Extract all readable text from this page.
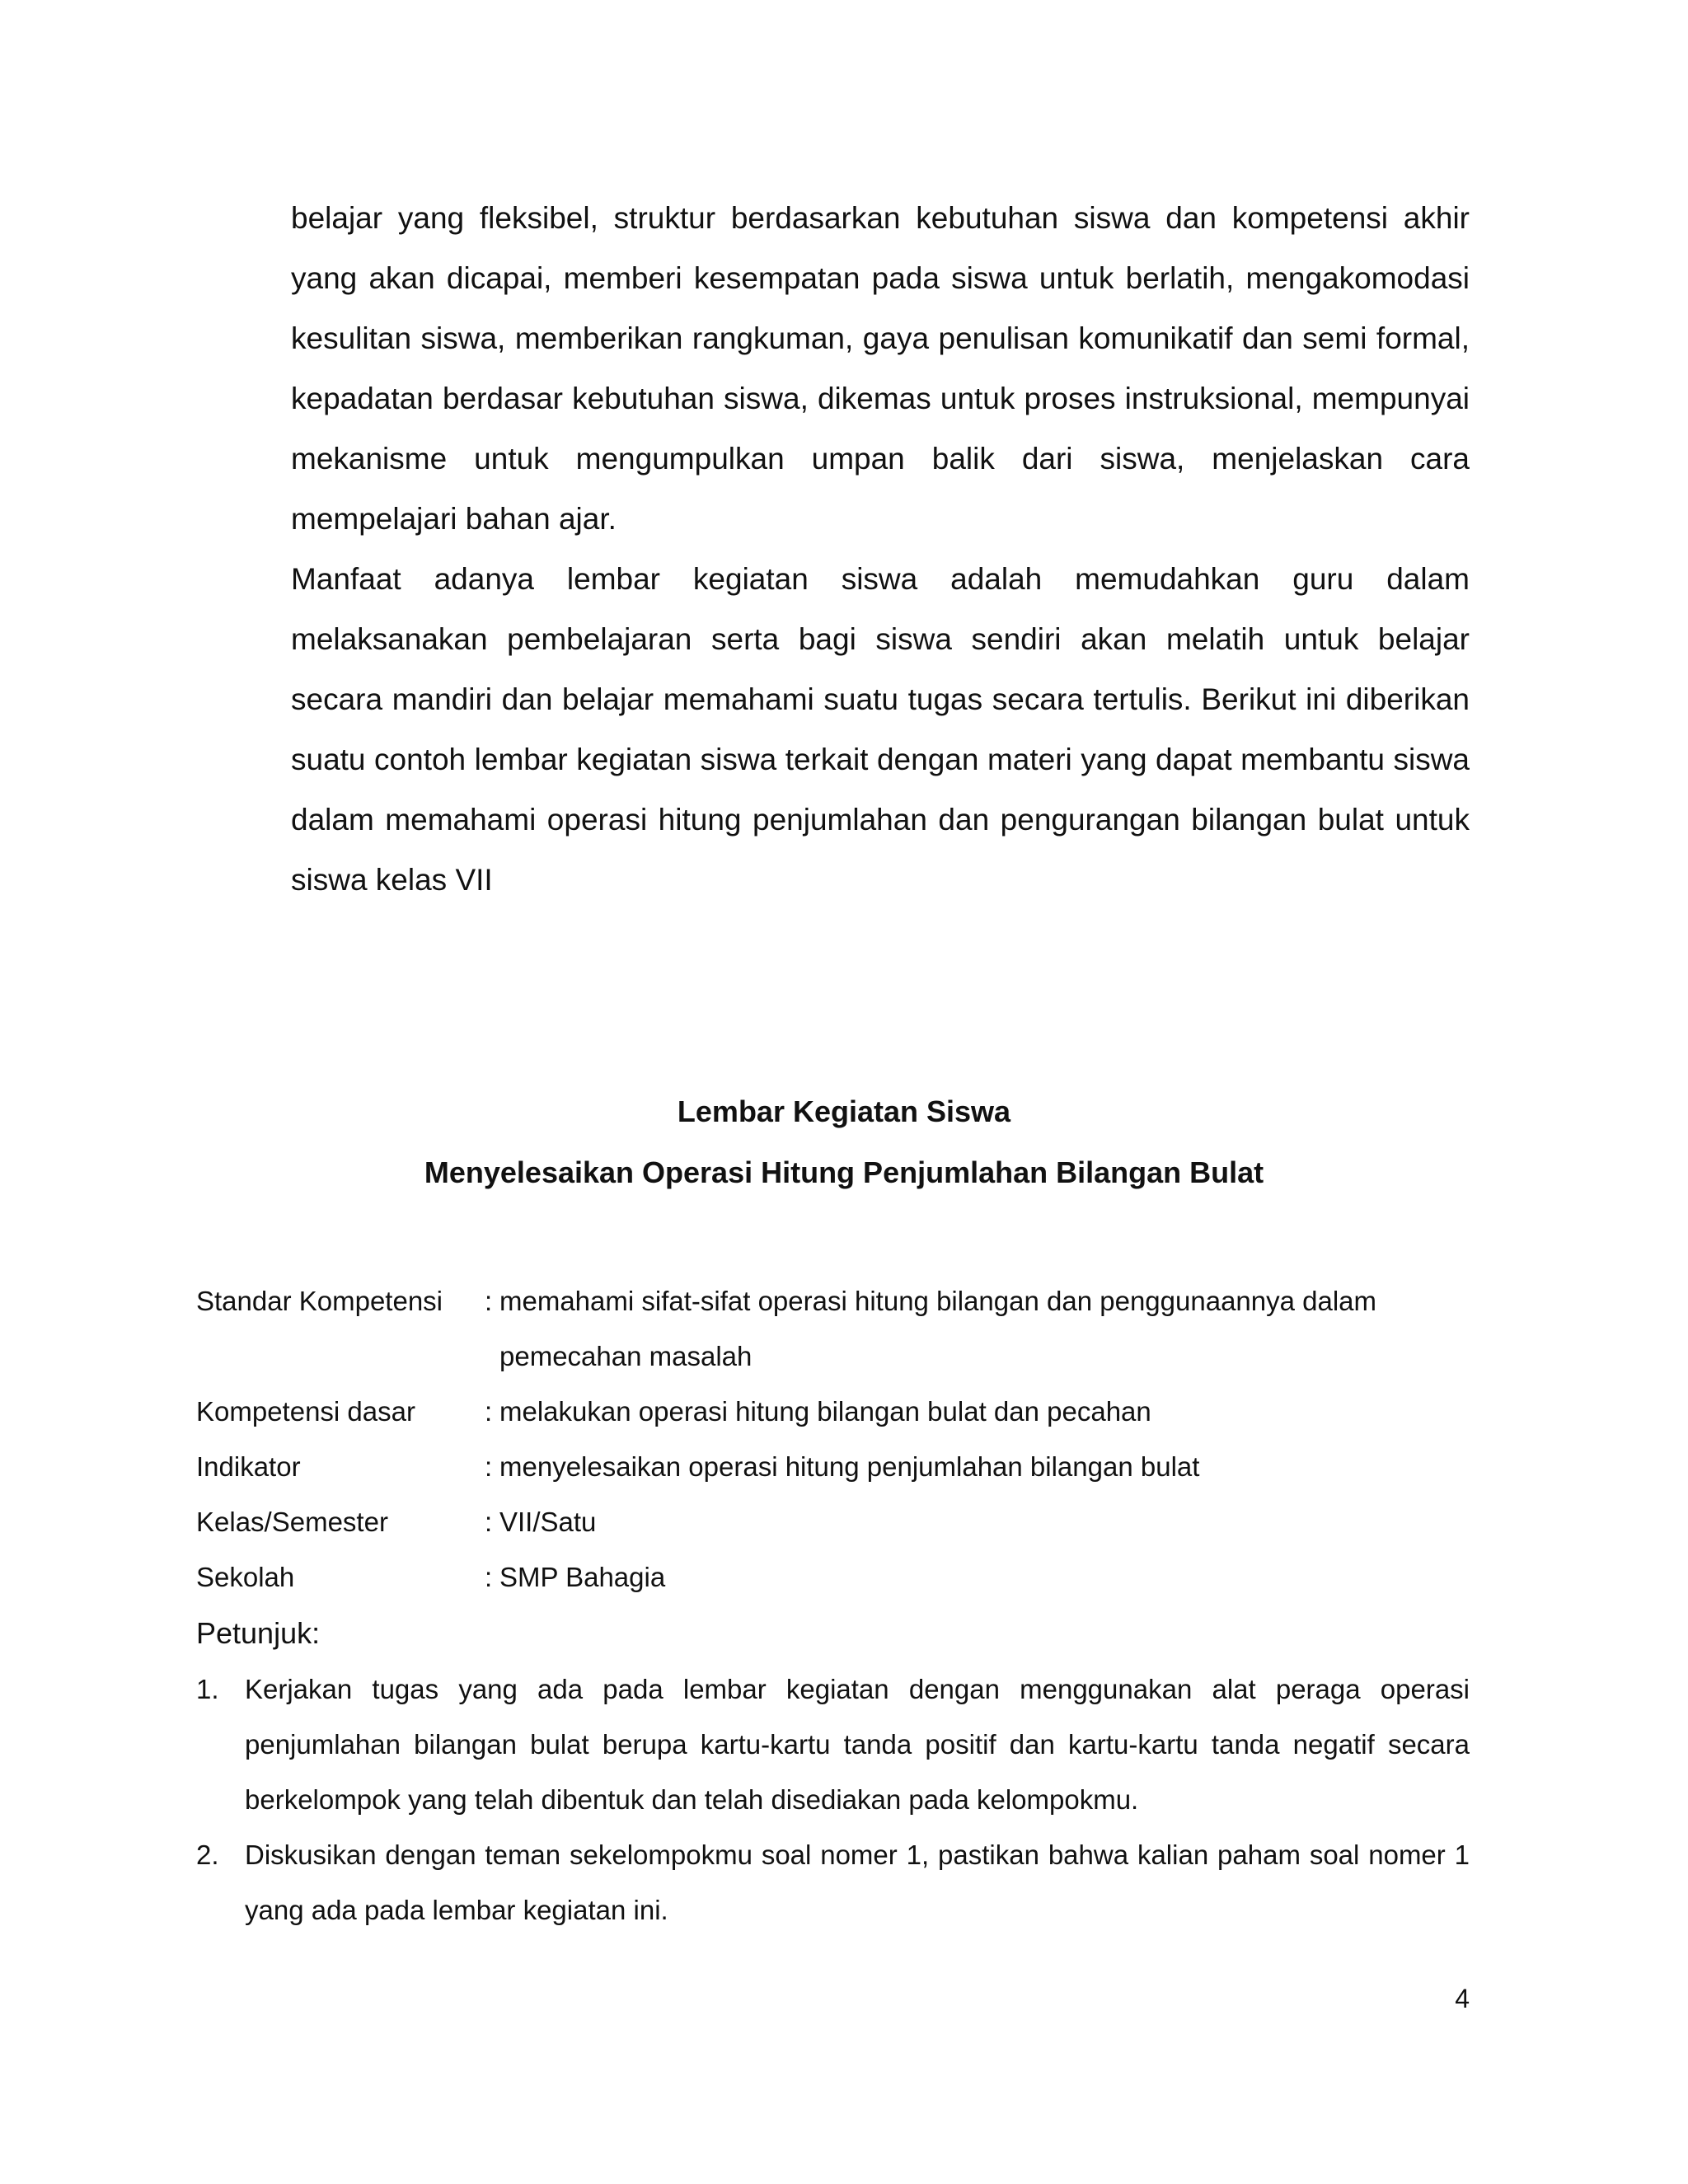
belajar yang fleksibel, struktur berdasarkan kebutuhan siswa dan kompetensi akhir yang akan dicapai, memberi kesempatan pada siswa untuk berlatih, mengakomodasi kesulitan siswa, memberikan rangkuman, gaya penulisan komunikatif dan semi formal, kepadatan berdasar kebutuhan siswa, dikemas untuk proses instruksional, mempunyai mekanisme untuk mengumpulkan umpan balik dari siswa, menjelaskan cara mempelajari bahan ajar.

Manfaat adanya lembar kegiatan siswa adalah memudahkan guru dalam melaksanakan pembelajaran serta bagi siswa sendiri akan melatih untuk belajar secara mandiri dan belajar memahami suatu tugas secara tertulis. Berikut ini diberikan suatu contoh lembar kegiatan siswa terkait dengan materi yang dapat membantu siswa dalam memahami operasi hitung penjumlahan dan pengurangan bilangan bulat untuk siswa kelas VII

Lembar Kegiatan Siswa
Menyelesaikan Operasi Hitung Penjumlahan Bilangan Bulat
Standar Kompetensi	: memahami sifat-sifat operasi hitung bilangan dan penggunaannya dalam pemecahan masalah
Kompetensi dasar	: melakukan operasi hitung bilangan bulat dan pecahan
Indikator	: menyelesaikan operasi hitung penjumlahan bilangan bulat
Kelas/Semester	: VII/Satu
Sekolah	: SMP Bahagia
Petunjuk:
1. Kerjakan tugas yang ada pada lembar kegiatan dengan menggunakan alat peraga operasi penjumlahan bilangan bulat berupa kartu-kartu tanda positif dan kartu-kartu tanda negatif secara berkelompok yang telah dibentuk dan telah disediakan pada kelompokmu.
2. Diskusikan dengan teman sekelompokmu soal nomer 1, pastikan bahwa kalian paham soal nomer 1 yang ada pada lembar kegiatan ini.
4
